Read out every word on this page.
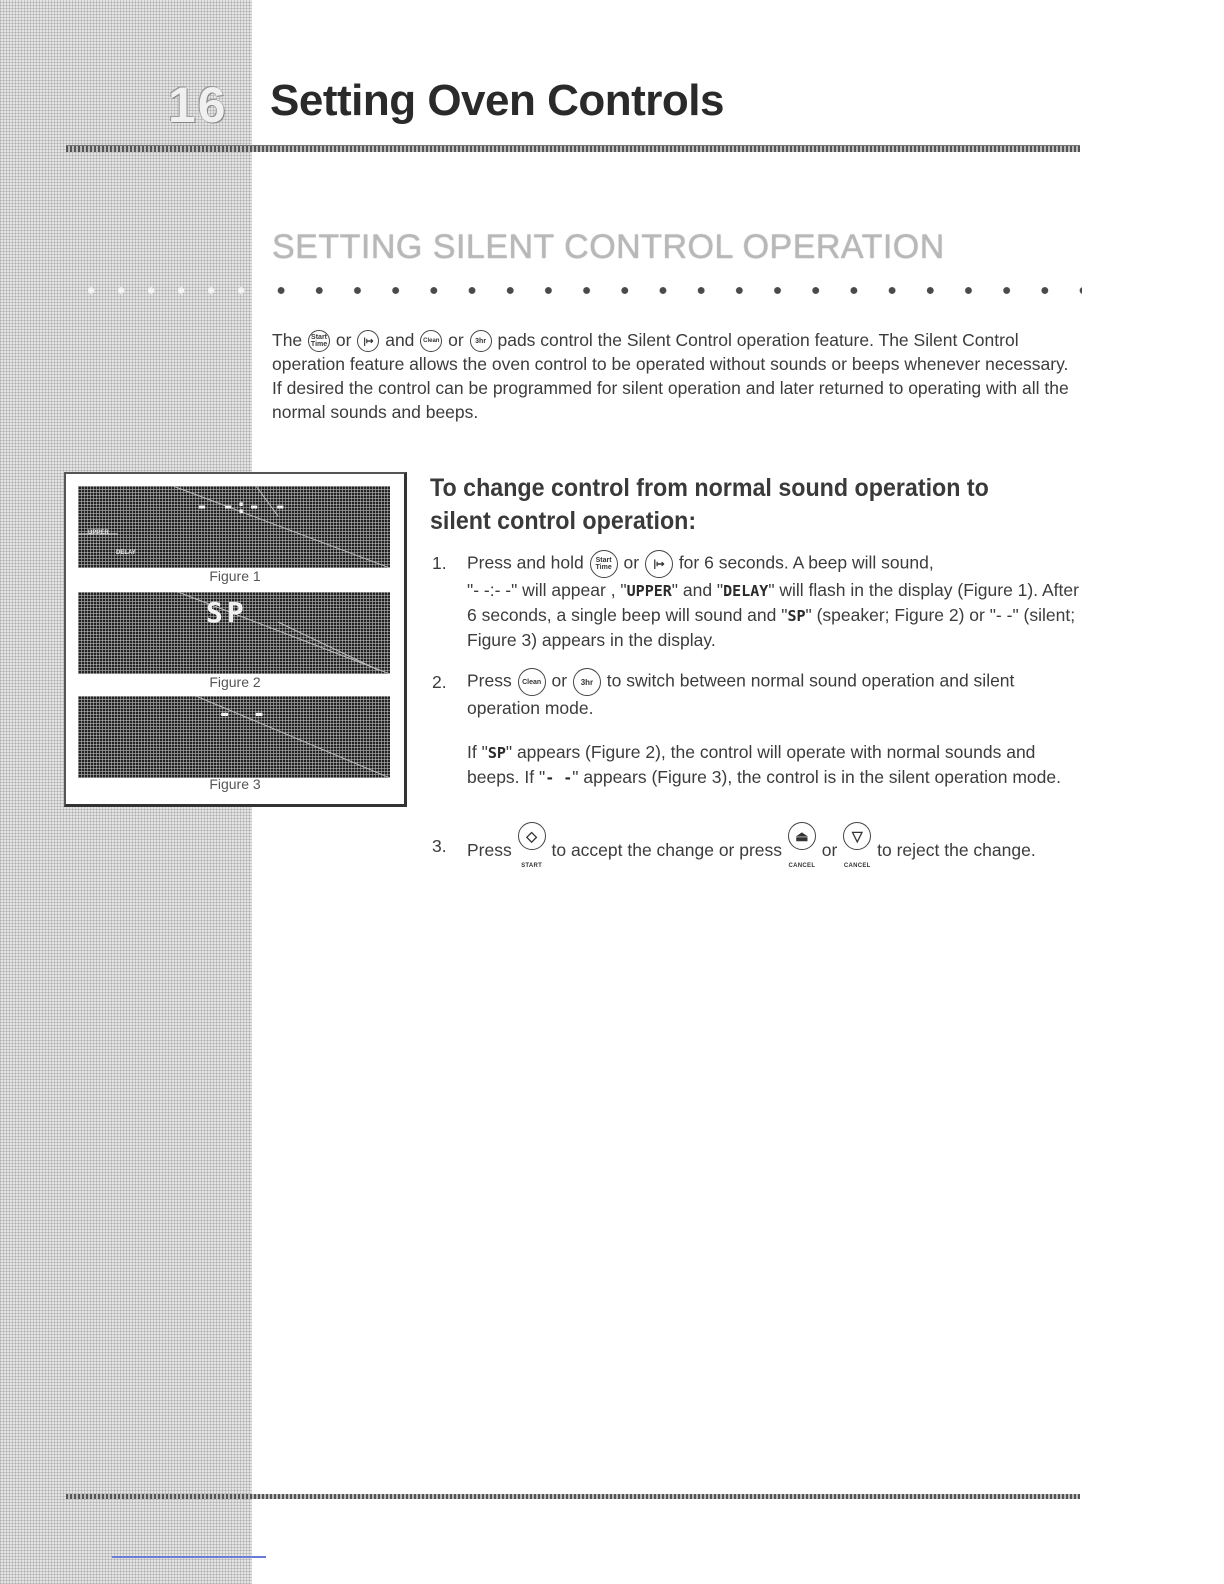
16 Setting Oven Controls
SETTING SILENT CONTROL OPERATION

The Start Time or |↦ and Clean or 3hr pads control the Silent Control operation feature. The Silent Control operation feature allows the oven control to be operated without sounds or beeps whenever necessary. If desired the control can be programmed for silent operation and later returned to operating with all the normal sounds and beeps.

- -:- -
UPPER
DELAY
Figure 1
SP
Figure 2
- -
Figure 3
To change control from normal sound operation to silent control operation:
1. Press and hold Start Time or |↦ for 6 seconds. A beep will sound,
"- -:- -" will appear , "UPPER" and "DELAY" will flash in the display (Figure 1). After 6 seconds, a single beep will sound and "SP" (speaker; Figure 2) or "- -" (silent; Figure 3) appears in the display.

2. Press Clean or 3hr to switch between normal sound operation and silent operation mode.

If "SP" appears (Figure 2), the control will operate with normal sounds and beeps. If "- -" appears (Figure 3), the control is in the silent operation mode.

3. Press
◇
START
to accept the change or press
⏏
CANCEL
or
▽
CANCEL
to reject the change.
